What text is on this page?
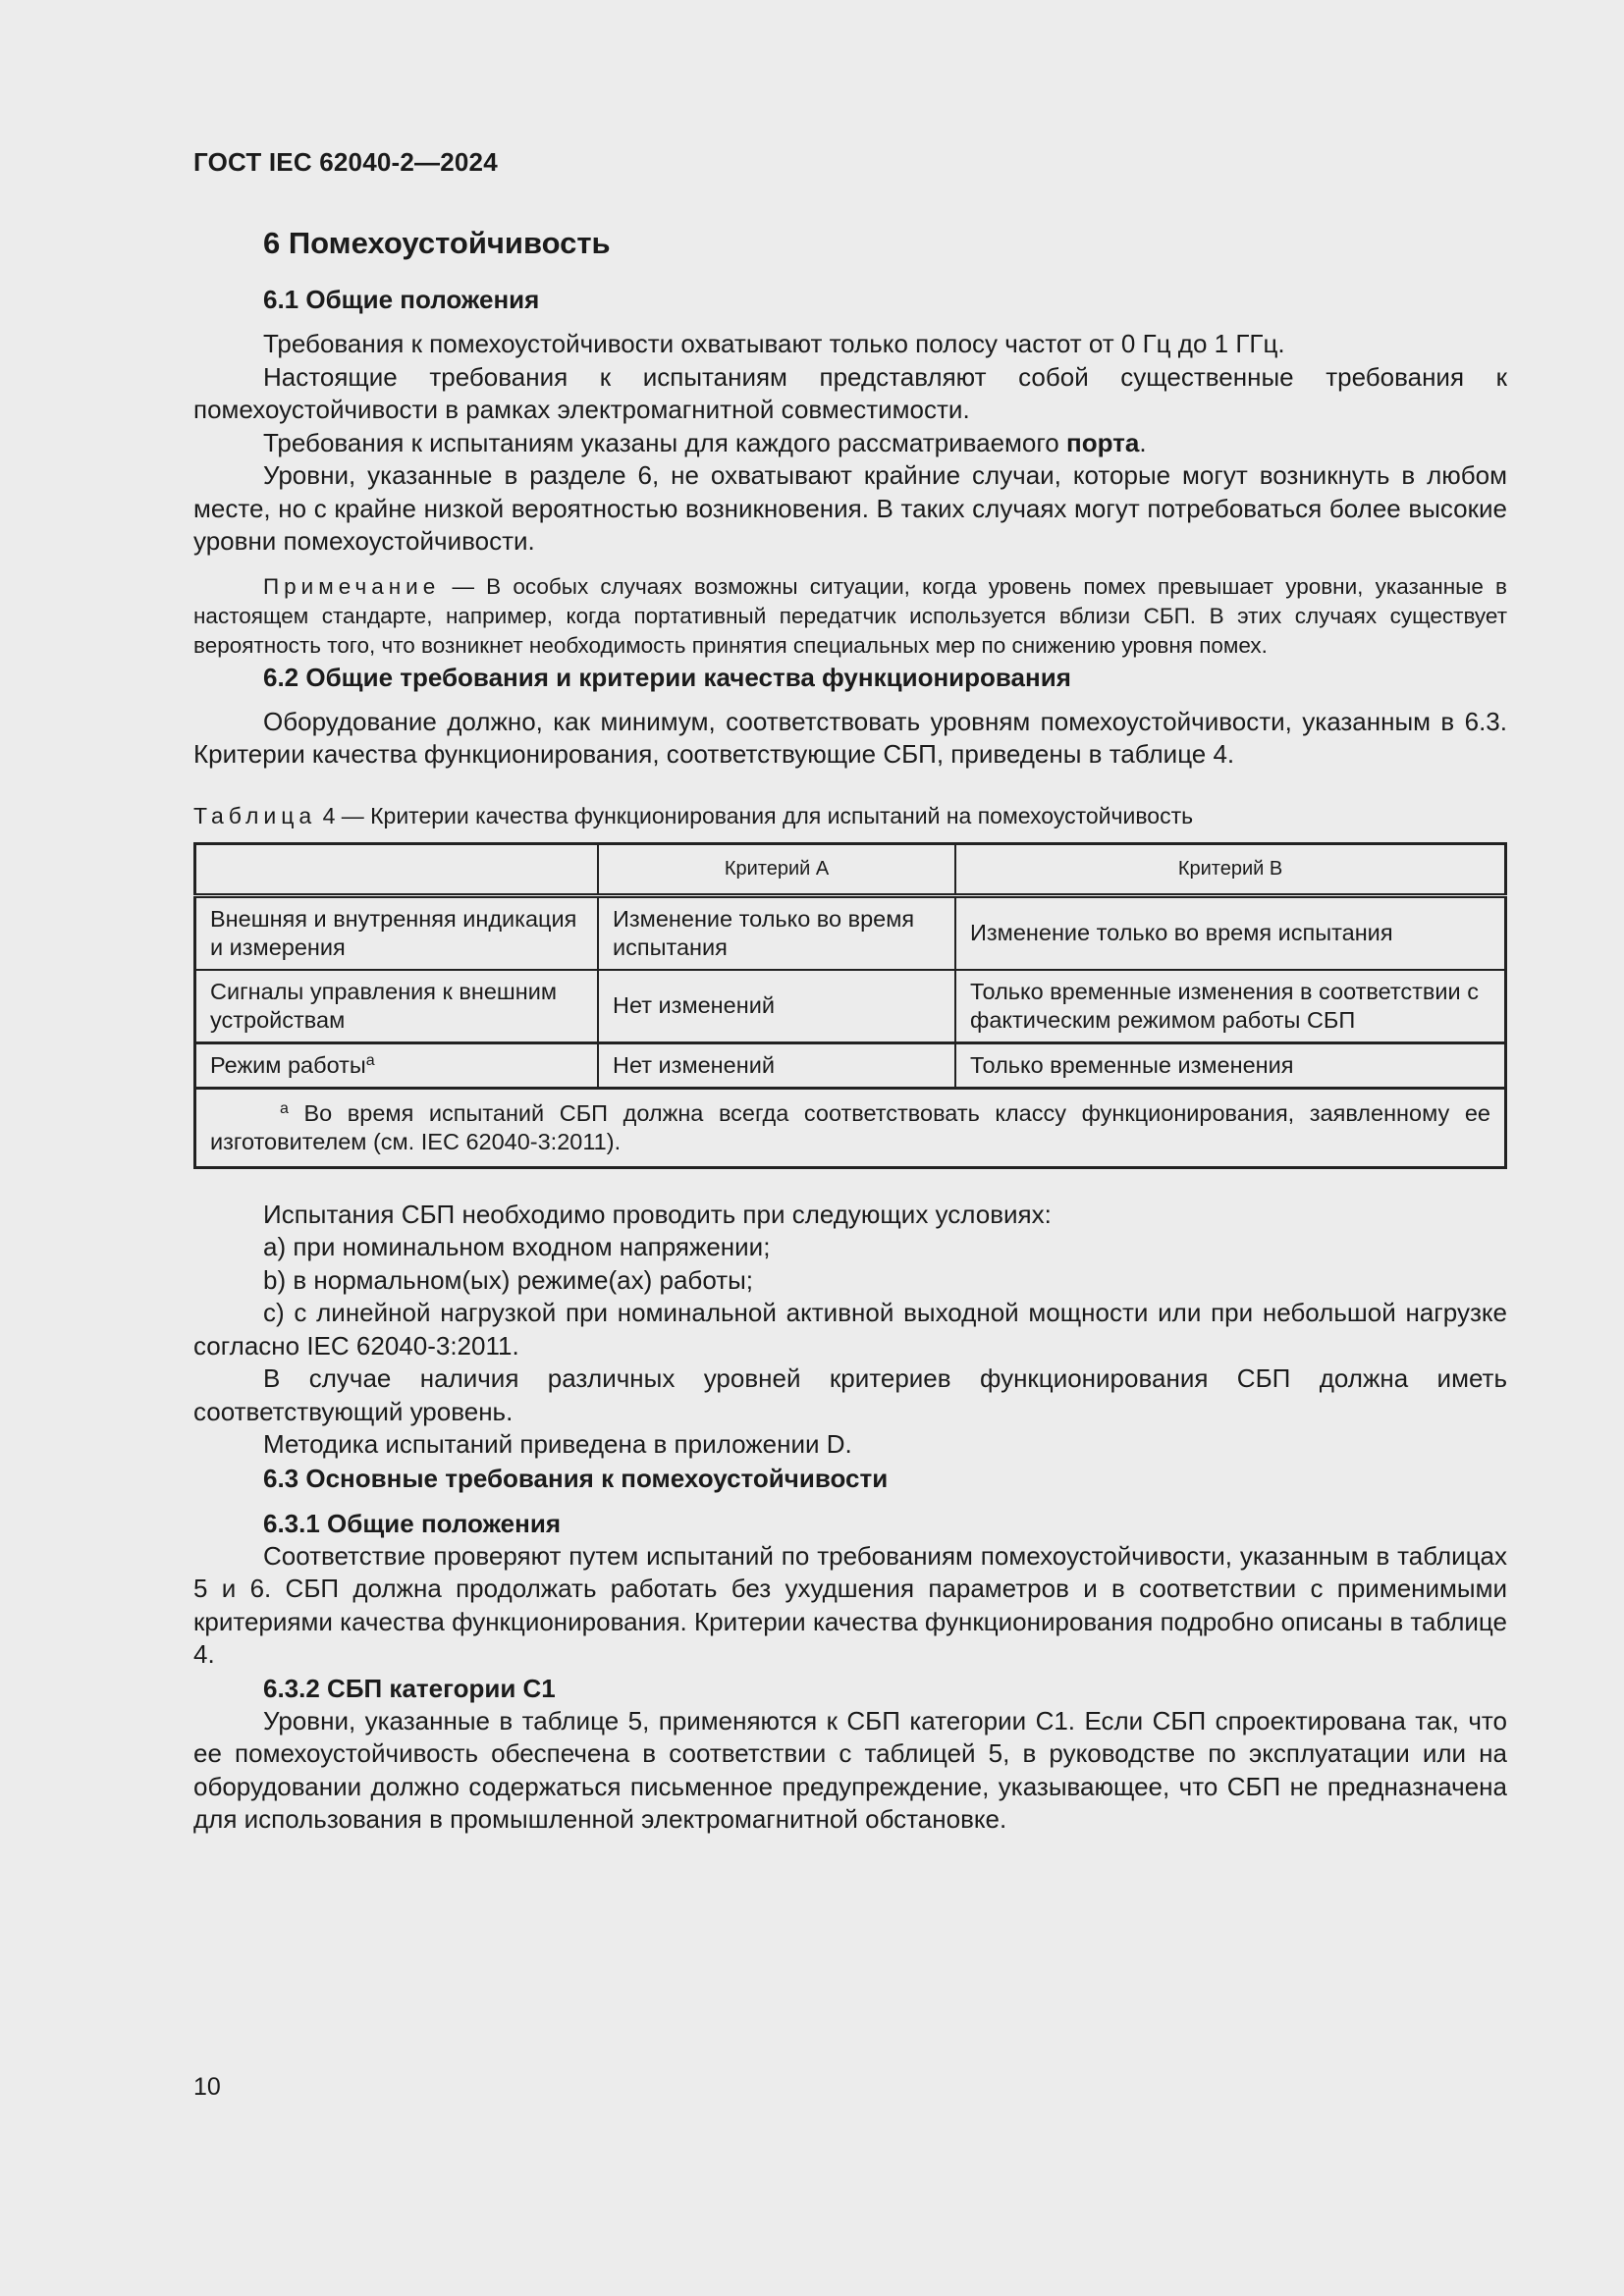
ГОСТ IEC 62040-2—2024
6 Помехоустойчивость
6.1 Общие положения

Требования к помехоустойчивости охватывают только полосу частот от 0 Гц до 1 ГГц.

Настоящие требования к испытаниям представляют собой существенные требования к помехоустойчивости в рамках электромагнитной совместимости.

Требования к испытаниям указаны для каждого рассматриваемого порта.

Уровни, указанные в разделе 6, не охватывают крайние случаи, которые могут возникнуть в любом месте, но с крайне низкой вероятностью возникновения. В таких случаях могут потребоваться более высокие уровни помехоустойчивости.

Примечание — В особых случаях возможны ситуации, когда уровень помех превышает уровни, указанные в настоящем стандарте, например, когда портативный передатчик используется вблизи СБП. В этих случаях существует вероятность того, что возникнет необходимость принятия специальных мер по снижению уровня помех.
6.2 Общие требования и критерии качества функционирования

Оборудование должно, как минимум, соответствовать уровням помехоустойчивости, указанным в 6.3. Критерии качества функционирования, соответствующие СБП, приведены в таблице 4.

Таблица 4 — Критерии качества функционирования для испытаний на помехоустойчивость
	Критерий A	Критерий B
Внешняя и внутренняя индикация и измерения	Изменение только во время испытания	Изменение только во время испытания
Сигналы управления к внешним устройствам	Нет изменений	Только временные изменения в соответствии с фактическим режимом работы СБП
Режим работы$^a$	Нет изменений	Только временные изменения
$^a$ Во время испытаний СБП должна всегда соответствовать классу функционирования, заявленному ее изготовителем (см. IEC 62040-3:2011).		

Испытания СБП необходимо проводить при следующих условиях:

a) при номинальном входном напряжении;

b) в нормальном(ых) режиме(ах) работы;

c) с линейной нагрузкой при номинальной активной выходной мощности или при небольшой нагрузке согласно IEC 62040-3:2011.

В случае наличия различных уровней критериев функционирования СБП должна иметь соответствующий уровень.

Методика испытаний приведена в приложении D.

6.3 Основные требования к помехоустойчивости
6.3.1 Общие положения

Соответствие проверяют путем испытаний по требованиям помехоустойчивости, указанным в таблицах 5 и 6. СБП должна продолжать работать без ухудшения параметров и в соответствии с применимыми критериями качества функционирования. Критерии качества функционирования подробно описаны в таблице 4.

6.3.2 СБП категории С1

Уровни, указанные в таблице 5, применяются к СБП категории С1. Если СБП спроектирована так, что ее помехоустойчивость обеспечена в соответствии с таблицей 5, в руководстве по эксплуатации или на оборудовании должно содержаться письменное предупреждение, указывающее, что СБП не предназначена для использования в промышленной электромагнитной обстановке.

10
